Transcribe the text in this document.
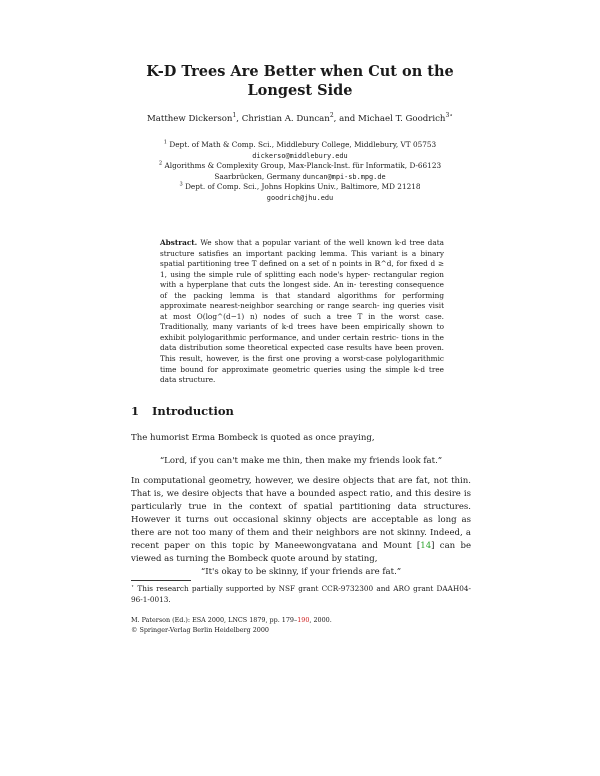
K-D Trees Are Better when Cut on the Longest Side
Matthew Dickerson$^1$, Christian A. Duncan$^2$, and Michael T. Goodrich$^{3⋆}$
$^1$ Dept. of Math & Comp. Sci., Middlebury College, Middlebury, VT 05753
dickerso@middlebury.edu
$^2$ Algorithms & Complexity Group, Max-Planck-Inst. für Informatik, D-66123
Saarbrücken, Germany duncan@mpi-sb.mpg.de
$^3$ Dept. of Comp. Sci., Johns Hopkins Univ., Baltimore, MD 21218
goodrich@jhu.edu
Abstract. We show that a popular variant of the well known k-d tree data structure satisfies an important packing lemma. This variant is a binary spatial partitioning tree T defined on a set of n points in ℝ^d, for fixed d ≥ 1, using the simple rule of splitting each node's hyper- rectangular region with a hyperplane that cuts the longest side. An in- teresting consequence of the packing lemma is that standard algorithms for performing approximate nearest-neighbor searching or range search- ing queries visit at most O(log^(d−1) n) nodes of such a tree T in the worst case. Traditionally, many variants of k-d trees have been empirically shown to exhibit polylogarithmic performance, and under certain restric- tions in the data distribution some theoretical expected case results have been proven. This result, however, is the first one proving a worst-case polylogarithmic time bound for approximate geometric queries using the simple k-d tree data structure.
1 Introduction
The humorist Erma Bombeck is quoted as once praying,
“Lord, if you can't make me thin, then make my friends look fat.”
In computational geometry, however, we desire objects that are fat, not thin. That is, we desire objects that have a bounded aspect ratio, and this desire is particularly true in the context of spatial partitioning data structures. However it turns out occasional skinny objects are acceptable as long as there are not too many of them and their neighbors are not skinny. Indeed, a recent paper on this topic by Maneewongvatana and Mount [14] can be viewed as turning the Bombeck quote around by stating,
“It's okay to be skinny, if your friends are fat.”
⋆ This research partially supported by NSF grant CCR-9732300 and ARO grant DAAH04-96-1-0013.
M. Paterson (Ed.): ESA 2000, LNCS 1879, pp. 179–190, 2000.
© Springer-Verlag Berlin Heidelberg 2000
